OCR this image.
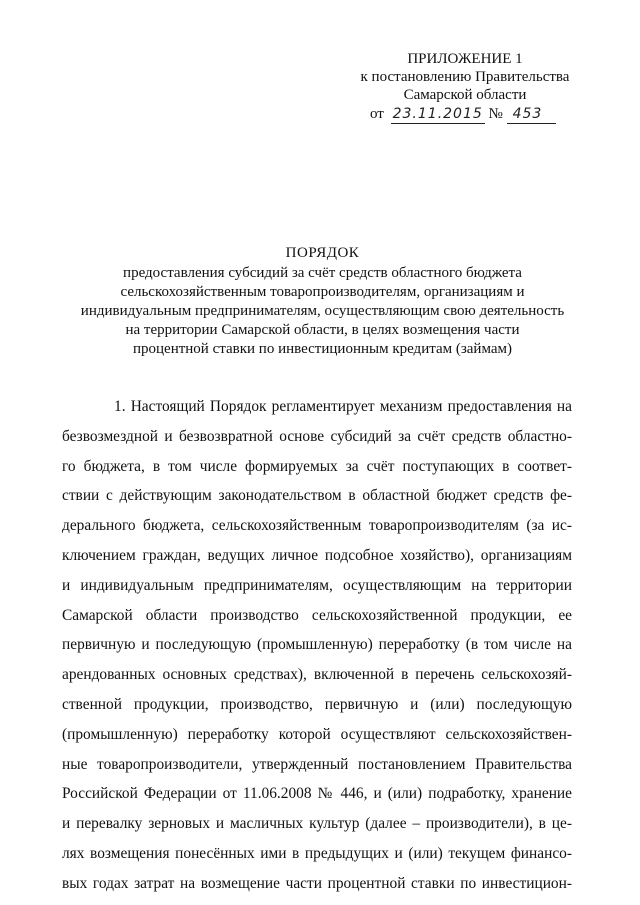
ПРИЛОЖЕНИЕ 1
к постановлению Правительства
Самарской области
от 23.11.2015 № 453
ПОРЯДОК
предоставления субсидий за счёт средств областного бюджета
сельскохозяйственным товаропроизводителям, организациям и
индивидуальным предпринимателям, осуществляющим свою деятельность
на территории Самарской области, в целях возмещения части
процентной ставки по инвестиционным кредитам (займам)
1. Настоящий Порядок регламентирует механизм предоставления на
безвозмездной и безвозвратной основе субсидий за счёт средств областно-
го бюджета, в том числе формируемых за счёт поступающих в соответ-
ствии с действующим законодательством в областной бюджет средств фе-
дерального бюджета, сельскохозяйственным товаропроизводителям (за ис-
ключением граждан, ведущих личное подсобное хозяйство), организациям
и индивидуальным предпринимателям, осуществляющим на территории
Самарской области производство сельскохозяйственной продукции, ее
первичную и последующую (промышленную) переработку (в том числе на
арендованных основных средствах), включенной в перечень сельскохозяй-
ственной продукции, производство, первичную и (или) последующую
(промышленную) переработку которой осуществляют сельскохозяйствен-
ные товаропроизводители, утвержденный постановлением Правительства
Российской Федерации от 11.06.2008 № 446, и (или) подработку, хранение
и перевалку зерновых и масличных культур (далее – производители), в це-
лях возмещения понесённых ими в предыдущих и (или) текущем финансо-
вых годах затрат на возмещение части процентной ставки по инвестицион-
